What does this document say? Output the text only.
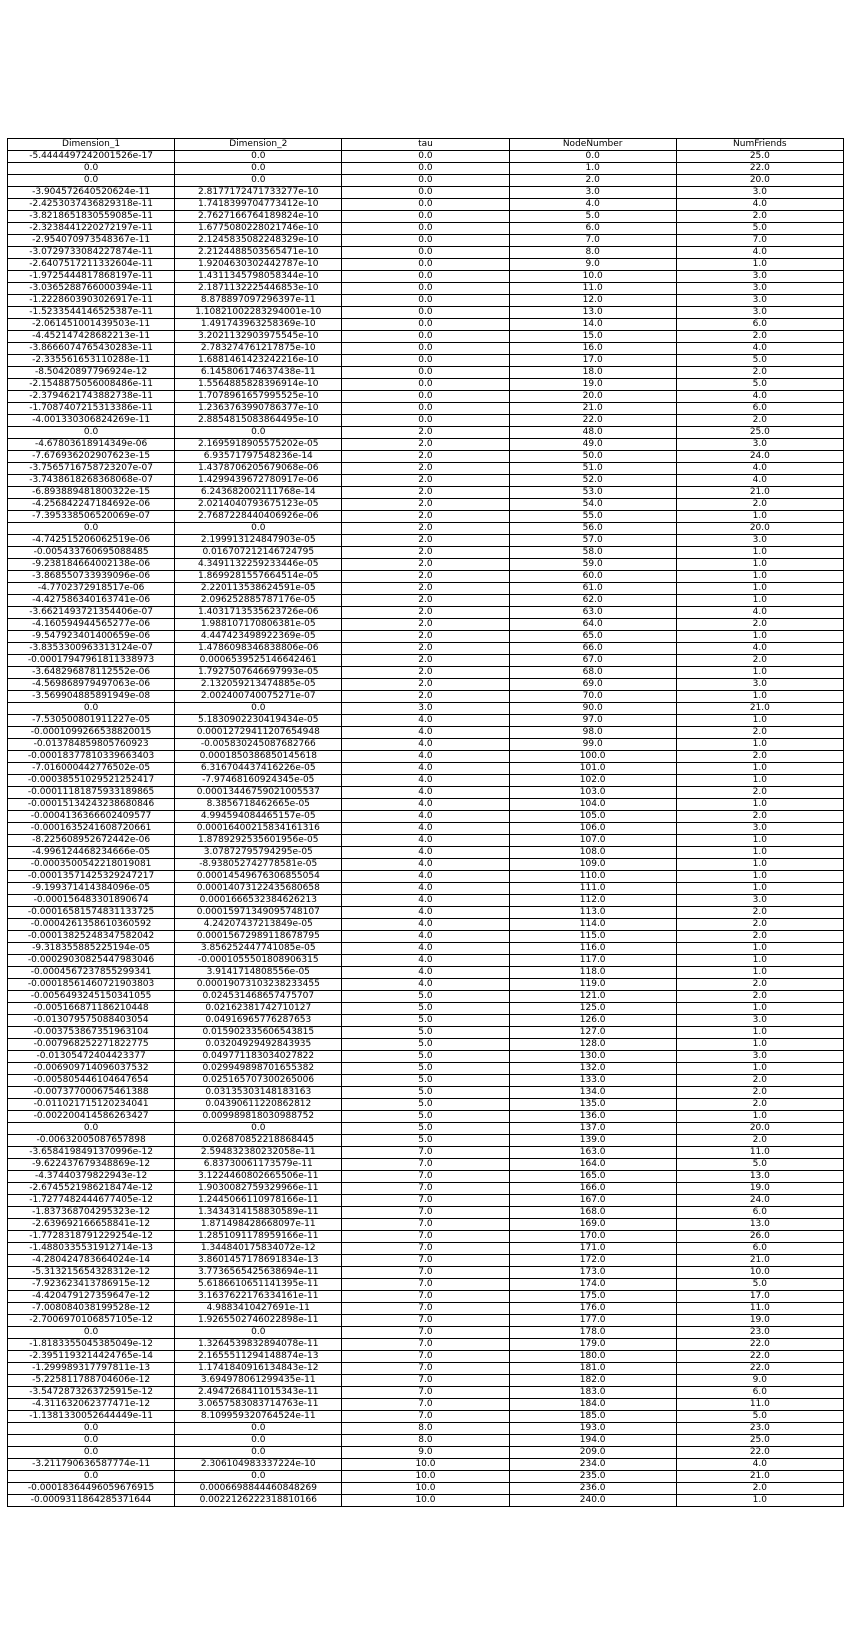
Dimension_1	Dimension_2	tau	NodeNumber	NumFriends
-5.4444497242001526e-17	0.0	0.0	0.0	25.0
0.0	0.0	0.0	1.0	22.0
0.0	0.0	0.0	2.0	20.0
-3.904572640520624e-11	2.8177172471733277e-10	0.0	3.0	3.0
-2.4253037436829318e-11	1.7418399704773412e-10	0.0	4.0	4.0
-3.8218651830559085e-11	2.7627166764189824e-10	0.0	5.0	2.0
-2.3238441220272197e-11	1.6775080228021746e-10	0.0	6.0	5.0
-2.954070973548367e-11	2.1245835082248329e-10	0.0	7.0	7.0
-3.0729733084227874e-11	2.2124488503565471e-10	0.0	8.0	4.0
-2.6407517211332604e-11	1.9204630302442787e-10	0.0	9.0	1.0
-1.9725444817868197e-11	1.4311345798058344e-10	0.0	10.0	3.0
-3.0365288766000394e-11	2.1871132225446853e-10	0.0	11.0	3.0
-1.2228603903026917e-11	8.878897097296397e-11	0.0	12.0	3.0
-1.5233544146525387e-11	1.10821002283294001e-10	0.0	13.0	3.0
-2.061451001439503e-11	1.491743963258369e-10	0.0	14.0	6.0
-4.452147428682213e-11	3.2021132903975545e-10	0.0	15.0	2.0
-3.8666074765430283e-11	2.783274761217875e-10	0.0	16.0	4.0
-2.335561653110288e-11	1.6881461423242216e-10	0.0	17.0	5.0
-8.50420897796924e-12	6.145806174637438e-11	0.0	18.0	2.0
-2.1548875056008486e-11	1.5564885828396914e-10	0.0	19.0	5.0
-2.3794621743882738e-11	1.7078961657995525e-10	0.0	20.0	4.0
-1.7087407215313386e-11	1.2363763990786377e-10	0.0	21.0	6.0
-4.001330306824269e-11	2.8854815083864495e-10	0.0	22.0	2.0
0.0	0.0	2.0	48.0	25.0
-4.67803618914349e-06	2.1695918905575202e-05	2.0	49.0	3.0
-7.676936202907623e-15	6.93571797548236e-14	2.0	50.0	24.0
-3.7565716758723207e-07	1.4378706205679068e-06	2.0	51.0	4.0
-3.7438618268368068e-07	1.4299439672780917e-06	2.0	52.0	4.0
-6.893889481800322e-15	6.243682002111768e-14	2.0	53.0	21.0
-4.256842247184692e-06	2.0214040793675123e-05	2.0	54.0	2.0
-7.395338506520069e-07	2.7687228440406926e-06	2.0	55.0	1.0
0.0	0.0	2.0	56.0	20.0
-4.742515206062519e-06	2.199913124847903e-05	2.0	57.0	3.0
-0.005433760695088485	0.016707212146724795	2.0	58.0	1.0
-9.238184664002138e-06	4.3491132259233446e-05	2.0	59.0	1.0
-3.868550733939096e-06	1.8699281557664514e-05	2.0	60.0	1.0
-4.7702372918517e-06	2.220113538624591e-05	2.0	61.0	1.0
-4.427586340163741e-06	2.096252885787176e-05	2.0	62.0	1.0
-3.6621493721354406e-07	1.4031713535623726e-06	2.0	63.0	4.0
-4.160594944565277e-06	1.988107170806381e-05	2.0	64.0	2.0
-9.547923401400659e-06	4.447423498922369e-05	2.0	65.0	1.0
-3.8353300963313124e-07	1.4786098346838806e-06	2.0	66.0	4.0
-0.00017947961811338973	0.0006539525146642461	2.0	67.0	2.0
-3.648296878112552e-06	1.7927507646697993e-05	2.0	68.0	1.0
-4.569868979497063e-06	2.132059213474885e-05	2.0	69.0	3.0
-3.569904885891949e-08	2.002400740075271e-07	2.0	70.0	1.0
0.0	0.0	3.0	90.0	21.0
-7.530500801911227e-05	5.1830902230419434e-05	4.0	97.0	1.0
-0.0001099266538820015	0.00012729411207654948	4.0	98.0	2.0
-0.013784859805760923	-0.005830245087682766	4.0	99.0	1.0
-0.00018377810339663403	0.0001850386850145618	4.0	100.0	2.0
-7.016000442776502e-05	6.316704437416226e-05	4.0	101.0	1.0
-0.00038551029521252417	-7.97468160924345e-05	4.0	102.0	1.0
-0.00011181875933189865	0.00013446759021005537	4.0	103.0	2.0
-0.00015134243238680846	8.3856718462665e-05	4.0	104.0	1.0
-0.0004136366602409577	4.994594084465157e-05	4.0	105.0	2.0
-0.0001635241608720661	0.00016400215834161316	4.0	106.0	3.0
-8.225608952672442e-06	1.8789292535601956e-05	4.0	107.0	1.0
-4.996124468234666e-05	3.07872795794295e-05	4.0	108.0	1.0
-0.0003500542218019081	-8.938052742778581e-05	4.0	109.0	1.0
-0.00013571425329247217	0.00014549676306855054	4.0	110.0	1.0
-9.199371414384096e-05	0.00014073122435680658	4.0	111.0	1.0
-0.000156483301890674	0.0001666532384626213	4.0	112.0	3.0
-0.00016581574831133725	0.00015971349095748107	4.0	113.0	2.0
-0.0004261358610360592	4.24207437213849e-05	4.0	114.0	2.0
-0.00013825248347582042	0.00015672989118678795	4.0	115.0	2.0
-9.318355885225194e-05	3.856252447741085e-05	4.0	116.0	1.0
-0.00029030825447983046	-0.0001055501808906315	4.0	117.0	1.0
-0.0004567237855299341	3.9141714808556e-05	4.0	118.0	1.0
-0.00018561460721903803	0.00019073103238233455	4.0	119.0	2.0
-0.0056493245150341055	0.024531468657475707	5.0	121.0	2.0
-0.005166871186210448	0.02162381742710127	5.0	125.0	1.0
-0.013079575088403054	0.04916965776287653	5.0	126.0	3.0
-0.003753867351963104	0.015902335606543815	5.0	127.0	1.0
-0.007968252271822775	0.03204929492843935	5.0	128.0	1.0
-0.01305472404423377	0.049771183034027822	5.0	130.0	3.0
-0.006909714096037532	0.029949898701655382	5.0	132.0	1.0
-0.005805446104647654	0.025165707300265006	5.0	133.0	2.0
-0.007377000675461388	0.03135303148183163	5.0	134.0	2.0
-0.011021715120234041	0.04390611220862812	5.0	135.0	2.0
-0.002200414586263427	0.009989818030988752	5.0	136.0	1.0
0.0	0.0	5.0	137.0	20.0
-0.00632005087657898	0.026870852218868445	5.0	139.0	2.0
-3.6584198491370996e-12	2.594832380232058e-11	7.0	163.0	11.0
-9.622437679348869e-12	6.83730061173579e-11	7.0	164.0	5.0
-4.37440379822943e-12	3.1224460802665506e-11	7.0	165.0	13.0
-2.6745521986218474e-12	1.9030082759329966e-11	7.0	166.0	19.0
-1.7277482444677405e-12	1.2445066110978166e-11	7.0	167.0	24.0
-1.837368704295323e-12	1.3434314158830589e-11	7.0	168.0	6.0
-2.639692166658841e-12	1.871498428668097e-11	7.0	169.0	13.0
-1.7728318791229254e-12	1.2851091178959166e-11	7.0	170.0	26.0
-1.4880335531912714e-13	1.344840175834072e-12	7.0	171.0	6.0
-4.280424783664024e-14	3.8601457178691834e-13	7.0	172.0	21.0
-5.313215654328312e-12	3.7736565425638694e-11	7.0	173.0	10.0
-7.923623413786915e-12	5.6186610651141395e-11	7.0	174.0	5.0
-4.420479127359647e-12	3.1637622176334161e-11	7.0	175.0	17.0
-7.008084038199528e-12	4.9883410427691e-11	7.0	176.0	11.0
-2.7006970106857105e-12	1.9265502746022898e-11	7.0	177.0	19.0
0.0	0.0	7.0	178.0	23.0
-1.8183355045385049e-12	1.3264539832894078e-11	7.0	179.0	22.0
-2.3951193214424765e-14	2.1655511294148874e-13	7.0	180.0	22.0
-1.299989317797811e-13	1.1741840916134843e-12	7.0	181.0	22.0
-5.225811788704606e-12	3.694978061299435e-11	7.0	182.0	9.0
-3.5472873263725915e-12	2.4947268411015343e-11	7.0	183.0	6.0
-4.311632062377471e-12	3.0657583083714763e-11	7.0	184.0	11.0
-1.1381330052644449e-11	8.109959320764524e-11	7.0	185.0	5.0
0.0	0.0	8.0	193.0	23.0
0.0	0.0	8.0	194.0	25.0
0.0	0.0	9.0	209.0	22.0
-3.211790636587774e-11	2.306104983337224e-10	10.0	234.0	4.0
0.0	0.0	10.0	235.0	21.0
-0.00018364496059676915	0.0006698844460848269	10.0	236.0	2.0
-0.0009311864285371644	0.0022126222318810166	10.0	240.0	1.0
